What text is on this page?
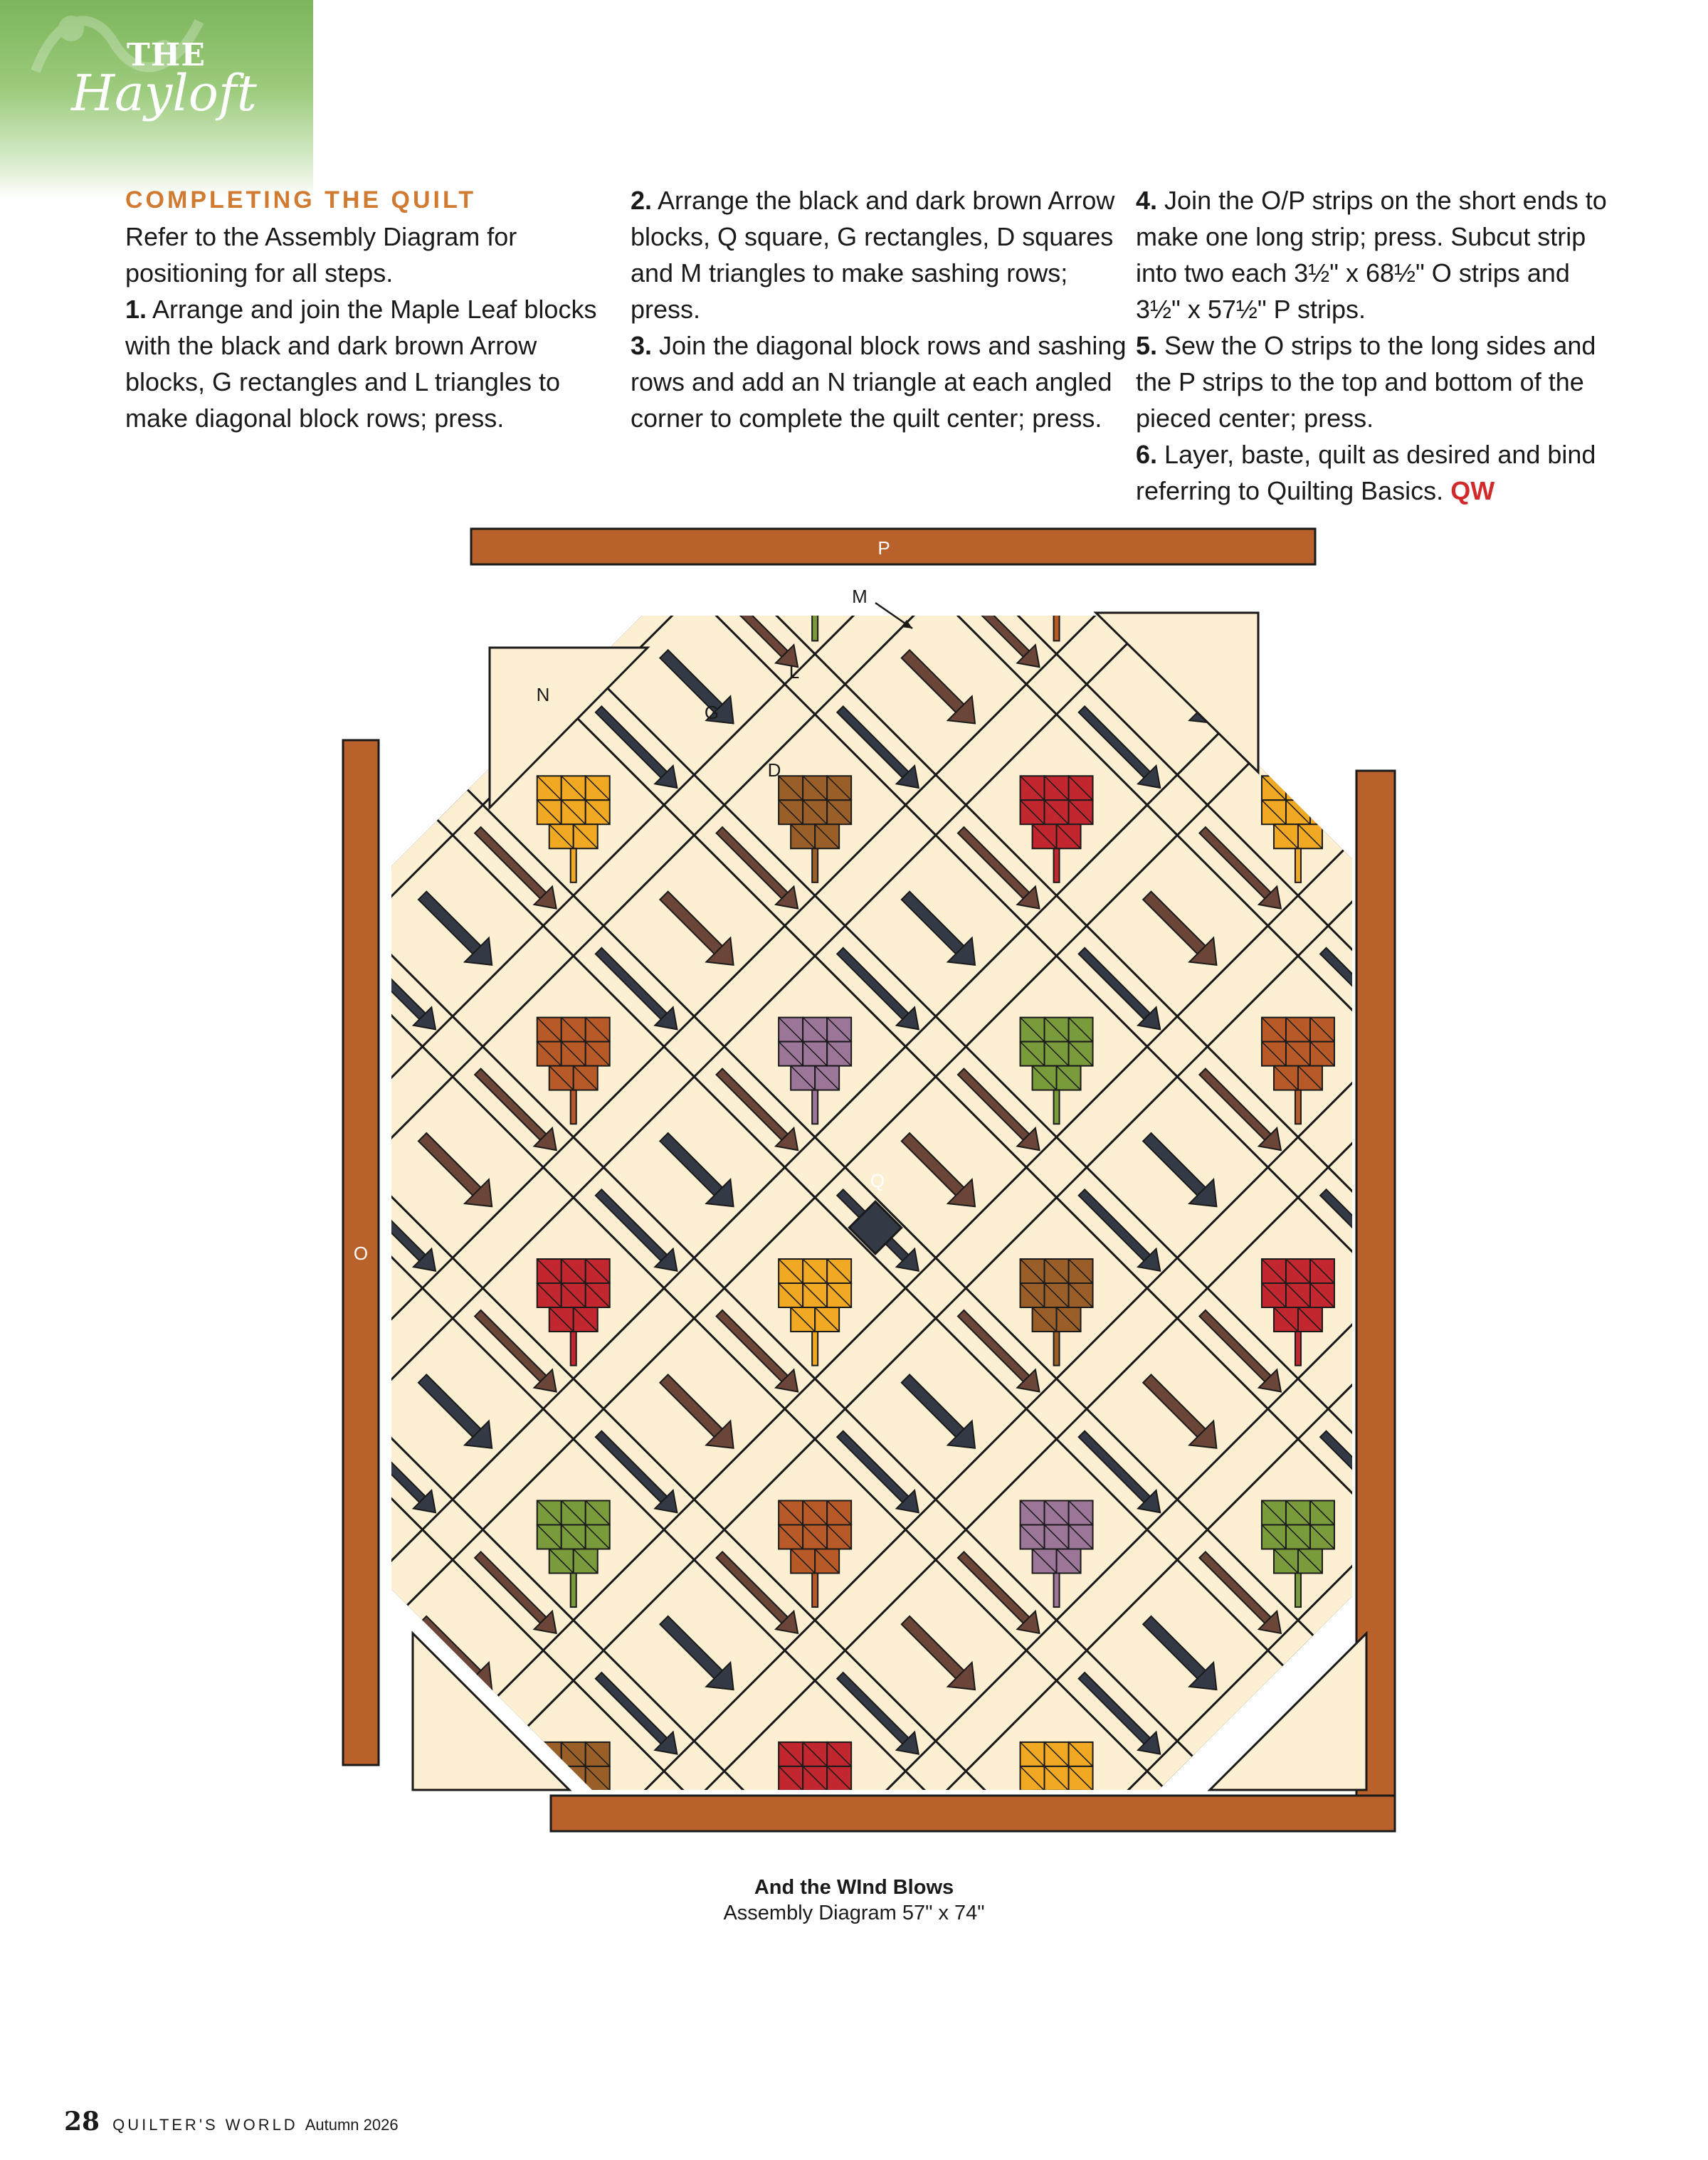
THE
Hayloft
COMPLETING THE QUILT
Refer to the Assembly Diagram for positioning for all steps.
1. Arrange and join the Maple Leaf blocks with the black and dark brown Arrow blocks, G rectangles and L triangles to make diagonal block rows; press.
2. Arrange the black and dark brown Arrow blocks, Q square, G rectangles, D squares and M triangles to make sashing rows; press.
3. Join the diagonal block rows and sashing rows and add an N triangle at each angled corner to complete the quilt center; press.
4. Join the O/P strips on the short ends to make one long strip; press. Subcut strip into two each 3½" x 68½" O strips and 3½" x 57½" P strips.
5. Sew the O strips to the long sides and the P strips to the top and bottom of the pieced center; press.
6. Layer, baste, quilt as desired and bind referring to Quilting Basics. QW
P
O
M
N
L
G
D
Q
And the WInd Blows
Assembly Diagram 57" x 74"
28 QUILTER'S WORLD Autumn 2026
